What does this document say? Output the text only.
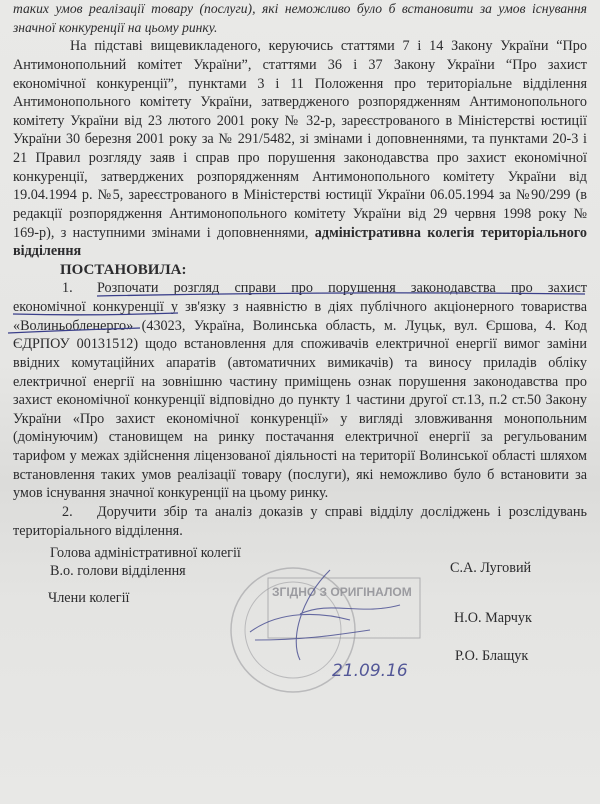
таких умов реалізації товару (послуги), які неможливо було б встановити за умов існування
значної конкуренції на цьому ринку.
На підставі вищевикладеного, керуючись статтями 7 і 14 Закону України “Про
Антимонопольний комітет України”, статтями 36 і 37 Закону України “Про захист
економічної конкуренції”, пунктами 3 і 11 Положення про територіальне відділення
Антимонопольного комітету України, затвердженого розпорядженням Антимонопольного
комітету України від 23 лютого 2001 року № 32-р, зареєстрованого в Міністерстві юстиції
України 30 березня 2001 року за № 291/5482, зі змінами і доповненнями, та пунктами 20-3 і
21 Правил розгляду заяв і справ про порушення законодавства про захист економічної
конкуренції, затверджених розпорядженням Антимонопольного комітету України від
19.04.1994 р. №5, зареєстрованого в Міністерстві юстиції України 06.05.1994 за №90/299 (в
редакції розпорядження Антимонопольного комітету України від 29 червня 1998 року №
169-р), з наступними змінами і доповненнями, адміністративна колегія територіального
відділення
ПОСТАНОВИЛА:
1. Розпочати розгляд справи про порушення законодавства про захист
економічної конкуренції у зв'язку з наявністю в діях публічного акціонерного товариства
«Волиньобленерго» (43023, Україна, Волинська область, м. Луцьк, вул. Єршова, 4. Код
ЄДРПОУ 00131512) щодо встановлення для споживачів електричної енергії вимог заміни
ввідних комутаційних апаратів (автоматичних вимикачів) та виносу приладів обліку
електричної енергії на зовнішню частину приміщень ознак порушення законодавства про
захист економічної конкуренції відповідно до пункту 1 частини другої ст.13, п.2 ст.50 Закону
України «Про захист економічної конкуренції» у вигляді зловживання монопольним
(домінуючим) становищем на ринку постачання електричної енергії за регульованим
тарифом у межах здійснення ліцензованої діяльності на території Волинської області шляхом
встановлення таких умов реалізації товару (послуги), які неможливо було б встановити за
умов існування значної конкуренції на цьому ринку.
2. Доручити збір та аналіз доказів у справі відділу досліджень і розслідувань
територіального відділення.
Голова адміністративної колегії
В.о. голови відділення	С.А. Луговий
Члени колегії
Н.О. Марчук
Р.О. Блащук
ЗГІДНО З ОРИГІНАЛОМ
21.09.16
